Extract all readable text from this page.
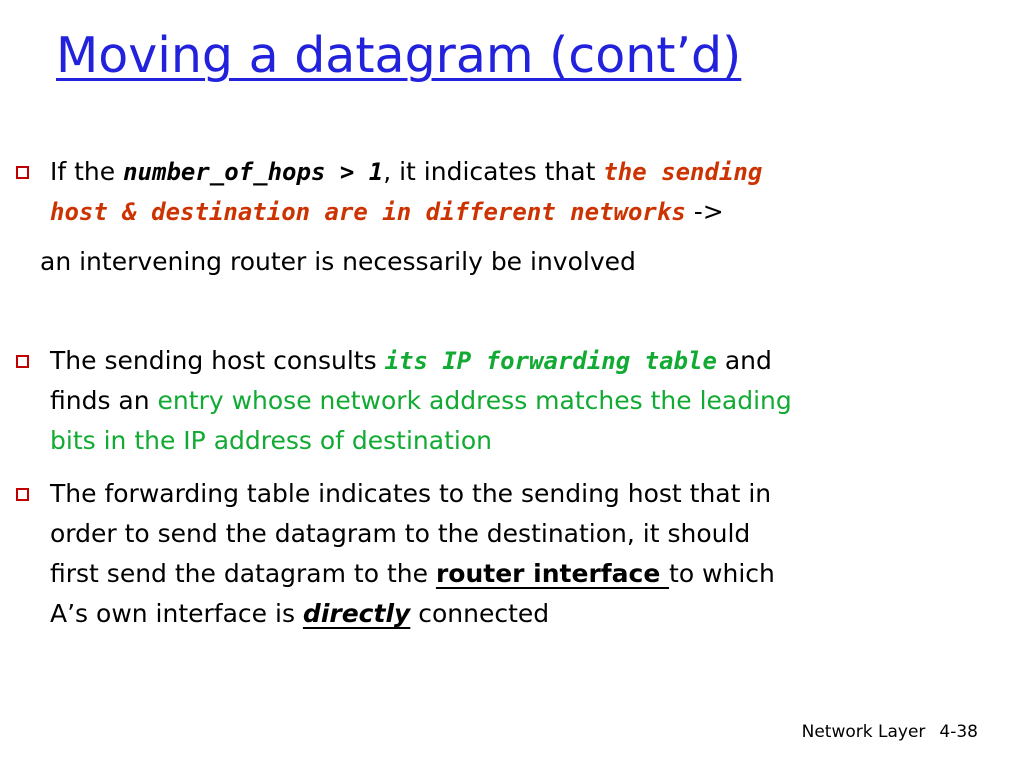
Moving a datagram (cont’d)
If the number_of_hops > 1, it indicates that the sending
host & destination are in different networks ->
an intervening router is necessarily be involved
The sending host consults its IP forwarding table and
finds an entry whose network address matches the leading
bits in the IP address of destination
The forwarding table indicates to the sending host that in
order to send the datagram to the destination, it should
first send the datagram to the router interface to which
A’s own interface is directly connected
Network Layer 4-38
